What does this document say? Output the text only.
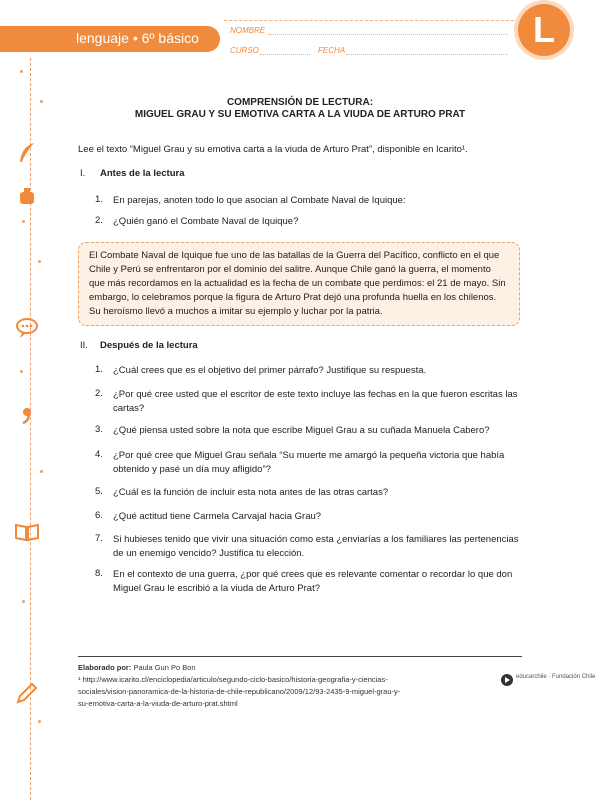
lenguaje • 6º básico	NOMBRE
CURSO	FECHA
L
COMPRENSIÓN DE LECTURA:
MIGUEL GRAU Y SU EMOTIVA CARTA A LA VIUDA DE ARTURO PRAT
Lee el texto “Miguel Grau y su emotiva carta a la viuda de Arturo Prat”, disponible en Icarito¹.
I. Antes de la lectura
1. En parejas, anoten todo lo que asocian al Combate Naval de Iquique:
2. ¿Quién ganó el Combate Naval de Iquique?
El Combate Naval de Iquique fue uno de las batallas de la Guerra del Pacífico, conflicto en el que Chile y Perú se enfrentaron por el dominio del salitre. Aunque Chile ganó la guerra, el momento que más recordamos en la actualidad es la fecha de un combate que perdimos: el 21 de mayo. Sin embargo, lo celebramos porque la figura de Arturo Prat dejó una profunda huella en los chilenos. Su heroísmo llevó a muchos a imitar su ejemplo y luchar por la patria.
II. Después de la lectura
1. ¿Cuál crees que es el objetivo del primer párrafo? Justifique su respuesta.
2. ¿Por qué cree usted que el escritor de este texto incluye las fechas en la que fueron escritas las cartas?
3. ¿Qué piensa usted sobre la nota que escribe Miguel Grau a su cuñada Manuela Cabero?
4. ¿Por qué cree que Miguel Grau señala “Su muerte me amargó la pequeña victoria que había obtenido y pasé un día muy afligido”?
5. ¿Cuál es la función de incluir esta nota antes de las otras cartas?
6. ¿Qué actitud tiene Carmela Carvajal hacia Grau?
7. Si hubieses tenido que vivir una situación como esta ¿enviarías a los familiares las pertenencias de un enemigo vencido? Justifica tu elección.
8. En el contexto de una guerra, ¿por qué crees que es relevante comentar o recordar lo que don Miguel Grau le escribió a la viuda de Arturo Prat?
Elaborado por: Paula Gun Po Bon
¹ http://www.icarito.cl/enciclopedia/articulo/segundo-ciclo-basico/historia-geografia-y-ciencias-
sociales/vision-panoramica-de-la-historia-de-chile-republicano/2009/12/93-2435-9-miguel-grau-y-
su-emotiva-carta-a-la-viuda-de-arturo-prat.shtml
educarchile · Fundación Chile
